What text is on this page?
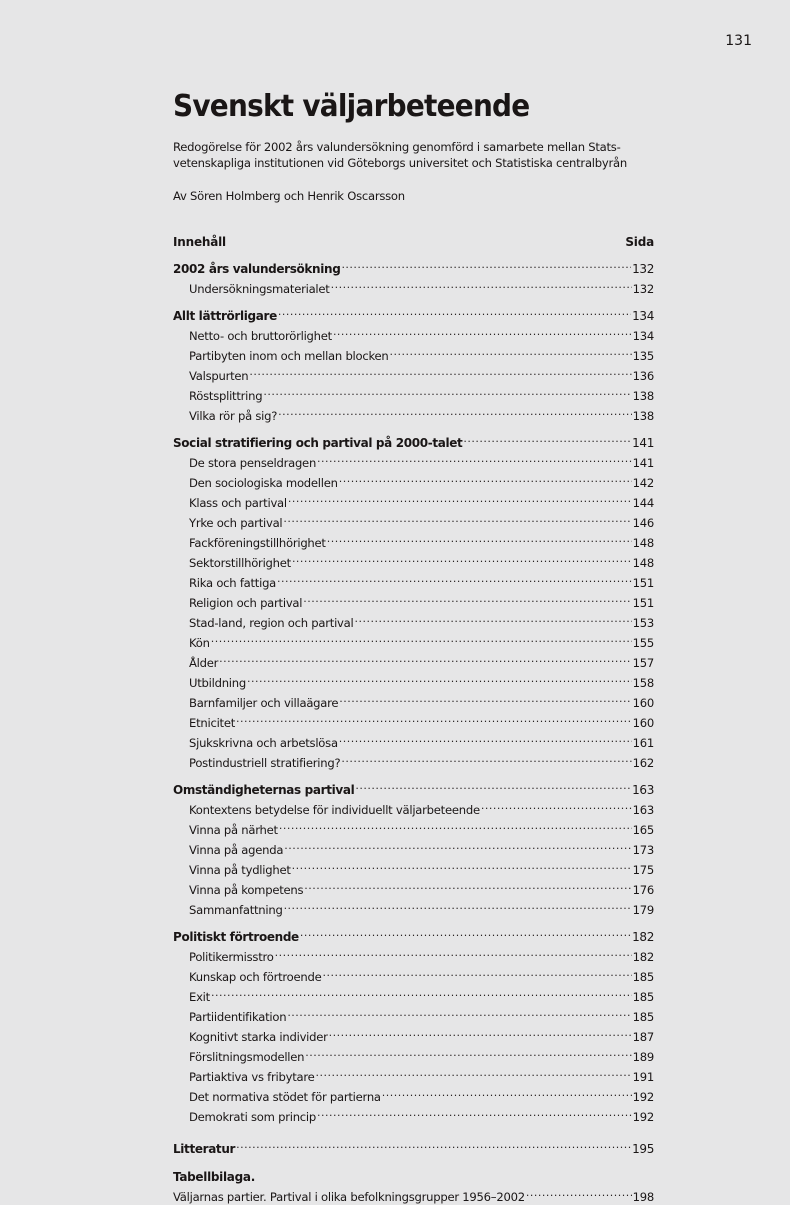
131
Svenskt väljarbeteende
Redogörelse för 2002 års valundersökning genomförd i samarbete mellan Stats-
vetenskapliga institutionen vid Göteborgs universitet och Statistiska centralbyrån
Av Sören Holmberg och Henrik Oscarsson
Innehåll	Sida
2002 års valundersökning .....	132
Undersökningsmaterialet .....	132
Allt lättrörligare .....	134
Netto- och bruttorörlighet .....	134
Partibyten inom och mellan blocken .....	135
Valspurten .....	136
Röstsplittring .....	138
Vilka rör på sig? .....	138
Social stratifiering och partival på 2000-talet .....	141
De stora penseldragen .....	141
Den sociologiska modellen .....	142
Klass och partival .....	144
Yrke och partival .....	146
Fackföreningstillhörighet .....	148
Sektorstillhörighet .....	148
Rika och fattiga .....	151
Religion och partival .....	151
Stad-land, region och partival .....	153
Kön .....	155
Ålder .....	157
Utbildning .....	158
Barnfamiljer och villaägare .....	160
Etnicitet .....	160
Sjukskrivna och arbetslösa .....	161
Postindustriell stratifiering? .....	162
Omständigheternas partival .....	163
Kontextens betydelse för individuellt väljarbeteende .....	163
Vinna på närhet .....	165
Vinna på agenda .....	173
Vinna på tydlighet .....	175
Vinna på kompetens .....	176
Sammanfattning .....	179
Politiskt förtroende .....	182
Politikermisstro .....	182
Kunskap och förtroende .....	185
Exit .....	185
Partiidentifikation .....	185
Kognitivt starka individer .....	187
Förslitningsmodellen .....	189
Partiaktiva vs fribytare .....	191
Det normativa stödet för partierna .....	192
Demokrati som princip .....	192
Litteratur .....	195
Tabellbilaga.
Väljarnas partier. Partival i olika befolkningsgrupper 1956–2002 .....	198
